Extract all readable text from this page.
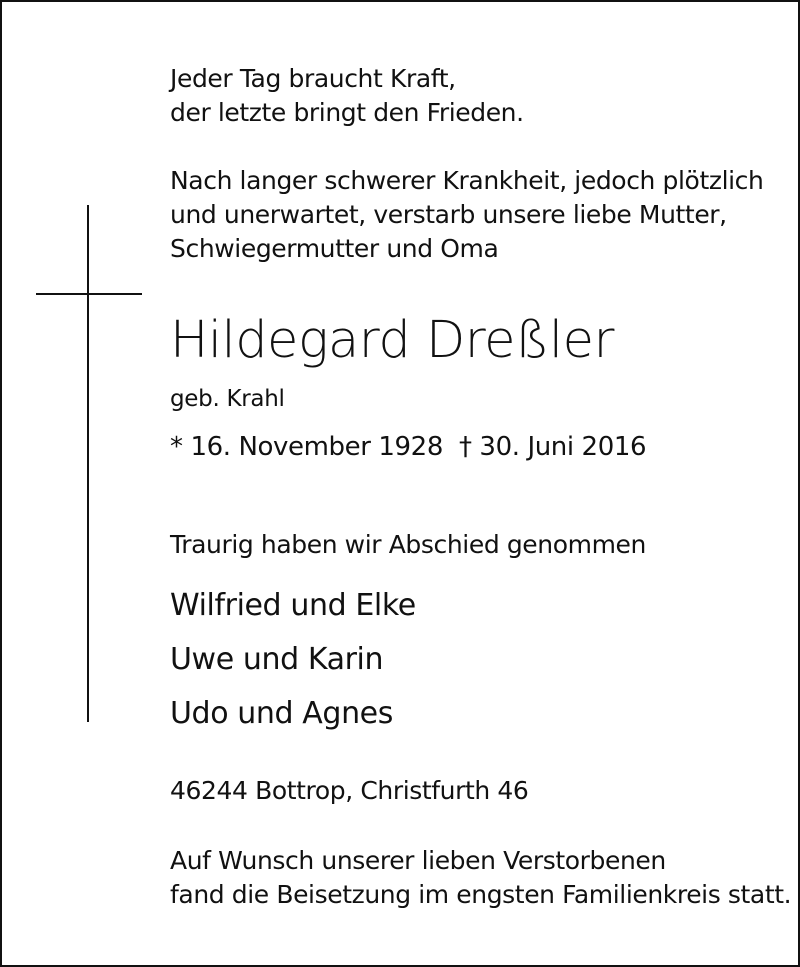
Jeder Tag braucht Kraft,
der letzte bringt den Frieden.

Nach langer schwerer Krankheit, jedoch plötzlich
und unerwartet, verstarb unsere liebe Mutter,
Schwiegermutter und Oma

Hildegard Dreßler

geb. Krahl

* 16. November 1928 † 30. Juni 2016

Traurig haben wir Abschied genommen

Wilfried und Elke

Uwe und Karin

Udo und Agnes

46244 Bottrop, Christfurth 46

Auf Wunsch unserer lieben Verstorbenen
fand die Beisetzung im engsten Familienkreis statt.
